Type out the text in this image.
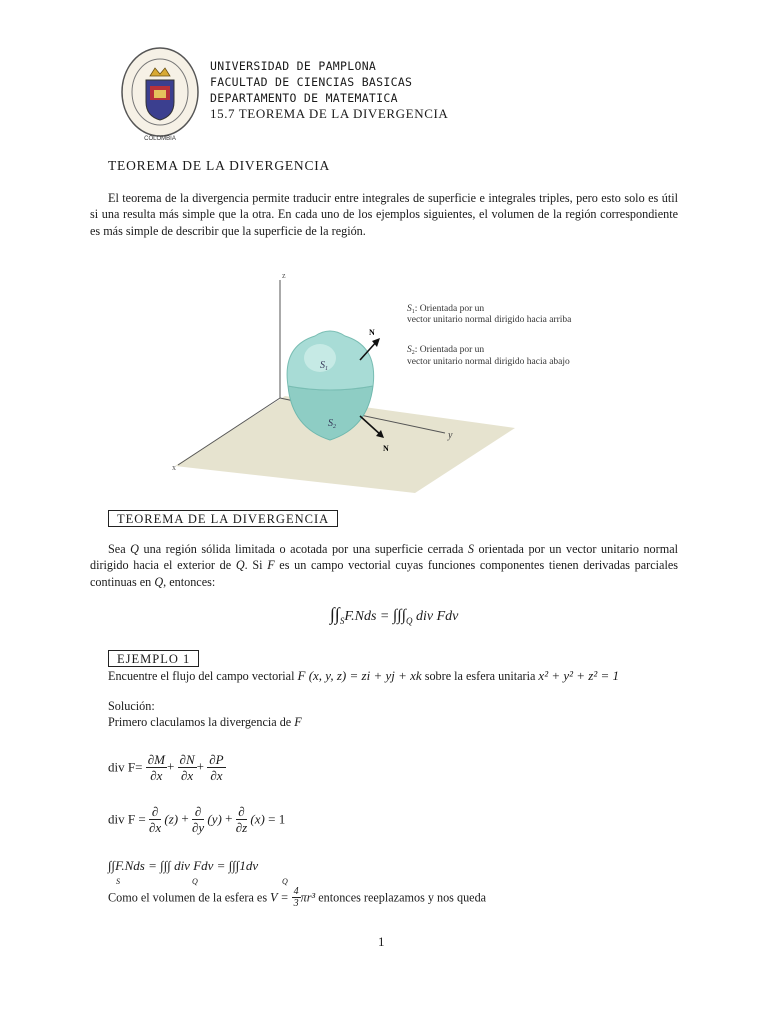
COLOMBIA
UNIVERSIDAD DE PAMPLONA
FACULTAD DE CIENCIAS BASICAS
DEPARTAMENTO DE MATEMATICA
15.7 TEOREMA DE LA DIVERGENCIA
TEOREMA DE LA DIVERGENCIA

El teorema de la divergencia permite traducir entre integrales de superficie e integrales triples, pero esto solo es útil si una resulta más simple que la otra. En cada uno de los ejemplos siguientes, el volumen de la región correspondiente es más simple de describir que la superficie de la región.

z
y
x
$S_1$
$S_2$
N
N
$S_1$: Orientada por un
vector unitario normal dirigido hacia arriba
$S_2$: Orientada por un
vector unitario normal dirigido hacia abajo
TEOREMA DE LA DIVERGENCIA

Sea Q una región sólida limitada o acotada por una superficie cerrada S orientada por un vector unitario normal dirigido hacia el exterior de Q. Si F es un campo vectorial cuyas funciones componentes tienen derivadas parciales continuas en Q, entonces:

$\int\int_SF.Nds = \int\int\int_Q$ div Fdv
EJEMPLO 1
Encuentre el flujo del campo vectorial F (x, y, z) = zi + yj + xk sobre la esfera unitaria x² + y² + z² = 1
Solución:
Primero claculamos la divergencia de F
div $F= \frac{\partial M}{\partial x} + \frac{\partial N}{\partial x} + \frac{\partial P}{\partial x}$
div $F = \frac{\partial}{\partial x} (z) + \frac{\partial}{\partial y} (y) + \frac{\partial}{\partial z} (x) = 1$
∫∫F.Nds = ∫∫∫ div Fdv = ∫∫∫1dv
S	Q	Q
Como el volumen de la esfera es $V = \frac{4}{3} \pi r^3$ entonces reeplazamos y nos queda
1
